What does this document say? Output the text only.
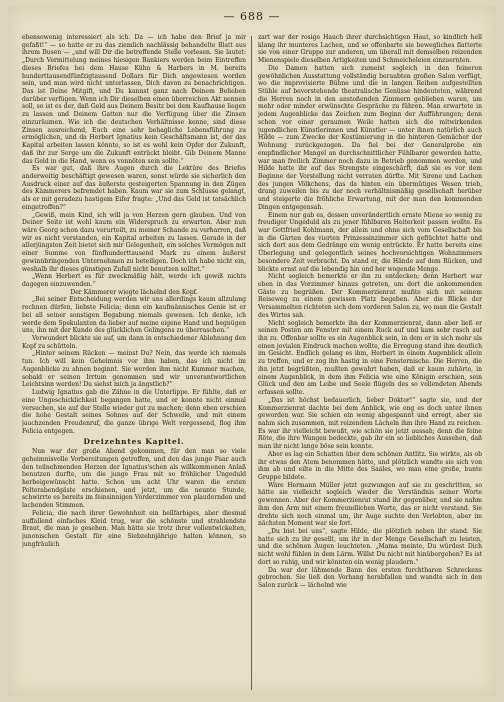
— 688 —

ebensowenig interessiert als ich. Da — ich habe den Brief ja mir gefaßt!“ — so hatte er zu das ziemlich nachlässig behandelte Blatt aus ihrem Busen — „und will Dir die betreffende Stelle vorlesen. Sie lautet: „Durch Vermittelung meines hiesigen Bankiers werden beim Eintreffen dieses Briefes bei dem Hause Kühn & Harbers in M. bereits hunderttausendfünfzigtausend Dollars für Dich angewiesen worden sein, und man wird nicht unterlassen, Dich davon zu benachrichtigen. Das ist Deine Mitgift, und Du kannst ganz nach Deinem Belieben darüber verfügen. Wenn ich Dir dieselben einen überreichen Akt nennen soll, so ist es der, daß Geld aus Deinem Besitz bei dem Kaufhause liegen zu lassen und Deinem Gatten nur die Verfügung über die Zinsen einzuräumen. Wie ich die deutschen Verhältnisse kenne, sind diese Zinsen ausreichend, Euch eine sehr behagliche Lebensführung zu ermöglichen, und da Herbert Ignatius kein Geschäftsmann ist, der das Kapital arbeiten lassen könnte, so ist es wohl kein Opfer der Zukunft, daß ihr zur Sorge um die Zukunft entrückt bleibt. Gib Deinem Manne das Geld in die Hand, wenn es vonnöten sein sollte.“

Es war gut, daß ihre Augen durch die Lektüre des Briefes anderweitig beschäftigt gewesen waren, sonst würde sie sicherlich den Ausdruck einer auf das äußerste gesteigerten Spannung in den Zügen des Kämmerers befremdet haben. Kaum war sie zum Schlusse gelangt, als er mit geradezu hastigem Eifer fragte: „Und das Geld ist tatsächlich eingetroffen?“

„Gewiß, mein Kind, ich will ja von Herzen gern glauben. Und von Deiner Seite ist wohl kaum ein Widerspruch zu erwarten. Aber nun wäre Georg schon dazu verurteilt, zu meiner Schande zu verharren, daß wir es nicht verstanden, ein Kapital arbeiten zu lassen. Gerade in der allerjüngsten Zeit bietet sich mir Gelegenheit, ein solches Vermögen mit einer Summe von fünfhunderttausend Mark zu einem äußerst gewinnbringenden Unternehmen zu beteiligen. Doch ich habe nicht ein, weshalb ihr dieses günstigen Zufall nicht benutzen solltet.“

„Wenn Herbert es für zweckmäßig hält, werde ich gewiß nichts dagegen einzuwenden.“

Der Kämmerer wiegte lächelnd den Kopf.

„Bei seiner Entscheidung werden wir uns allerdings kaum allzulang rechnen dürfen, liebste Felicia; denn ein kaufmännisches Genie ist er bei all seiner sonstigen Begabung niemals gewesen. Ich denke, ich werde dem Spekulanten da lieber auf meine eigene Hand und begnügen uns, ihn mit der Kunde des glücklichen Gelingens zu überraschen.“

Verwundert blickte sie auf, um dann in entschiedener Ablehnung den Kopf zu schütteln.

„Hinter seinem Rücken — meinst Du? Nein, das werde ich niemals tun. Ich will kein Geheimnis vor ihm haben, das ich nicht im Augenblicke zu ahnen beginnt. Sie werden ihm nicht Kummer machen, sobald er seinen Irrtum genommen und wir unverantwortlichen Leichtsinn werden! Du siehst mich ja ängstlich?“

Ludwig Ignatius gab die Zähne in die Unterlippe. Er fühlte, daß er eine Ungeschicklichkeit begangen hatte, und er konnte nicht einmal versuchen, sie auf der Stelle wieder gut zu machen; denn eben erschien die hohe Gestalt seines Sohnes auf der Schwelle, und mit einem jauchzenden Freudenruf, die ganze übrige Welt vergessend, flog ihm Felicia entgegen.

Dreizehntes Kapitel.

Nun war der große Abend gekommen, für den man so viele geheimnisvolle Vorbereitungen getroffen, und den das junge Paar auch den teilnehmenden Herzen der Ignatius'schen als willkommenen Anlaß benutzen durfte, um die junge Frau mit so fröhlicher Ungeduld herbeigewünscht hatte. Schon um acht Uhr waren die ersten Polterabendgäste erschienen, und jetzt, um die neunte Stunde, schwirrte es bereits im feinsinnigen Vorderzimmer von plaudernden und lachenden Stimmen.

Felicia, die nach ihrer Gewohnheit ein hellfarbiges, aber diesmal auffallend einfaches Kleid trug, war die schönste und strahlendste Braut, die man je gesehen. Man hätte sie trotz ihrer vollentwickelten, junonischen Gestalt für eine Siebzehnjährige halten können, so jungfräulich

zart war der rosige Hauch ihrer durchsichtigen Haut, so kindlich hell klang ihr munteres Lachen, und so offenbarte sie bewegliches flatterte sie von einer Gruppe zur anderen, um überall mit demselben reizenden Mienenspiele dieselben Artigkeiten und Schmeicheleien einzuernten.

Die Damen hatten sich zumeist sogleich in den feineren gewöhnlichen Ausstattung vollständig beraubten großen Salon verfügt, wo die improvisierte Bühne und die in langen Reihen aufgestellten Stühle auf bevorstehende theatralische Genüsse hindeuteten, während die Herren noch in den anstoßenden Zimmern geblieben waren, um mehr oder minder erwünschte Gespräche zu führen. Man erwartete in jedem Augenblicke das Zeichen zum Beginn der Aufführungen; denn schon vor einer geraumen Weile hatten sich die mitwirkenden jugendlichen Künstlerinnen und Künstler — unter ihnen natürlich auch Hilde — zum Zwecke der Kostümierung in die hinteren Gemächer der Wohnung zurückgezogen. Da fiel bei der Generalprobe ein empfindlicher Mangel an durchschnittlicher Fühlbarer geworden hatte, war man freilich Zimmer noch dazu in Betrieb genommen werden, und Hilde hatte ihr auf das Strengste eingeschärft, daß sie es vor dem Beginne der Vorstellung nicht verraten dürfte. Mit Sirene und Lachen des jungen Völkchens, das da hinten ein übermütiges Wesen trieb, drang zuweilen bis zu der noch verhältnismäßig gesellschaft herüber und steigerte die fröhliche Erwartung, mit der man den kommenden Dingen entgegensah.

Einem nur gab es, dessen unverändertlich ernste Miene so wenig zu freudiger Ungeduld als zu jener fühlbaren Heiterkeit passen wollte. Es war Gottfried Kohlmann, der allein und ohne sich vom Gesellschaft bis in die Gärten des vierten Prinzessinzimmer sich geflüchtet hatte und sich dort aus dem Gedränge ein wenig entrückte. Er hatte bereits eine Überlegung und gelegentlich seines hochvorsichtigen Wohnzimmers besondere Zeit verbracht. Da stand er, die Hände auf dem Rücken, und blickte ernst auf die lebendig hin und her wogende Menge.

Nicht sogleich bemerkte er ihn zu entdecken; denn Herbert war eben in das Vorzimmer hinaus getreten, um dort die ankommenden Gäste zu begrüßen. Der Kommerzienrat mußte sich mit seinem Reiseweg zu einem gewissen Platz begeben. Aber die Blicke der Versammelten richteten sich dem vorderen Salon zu, wo man die Gestalt des Wirtes sah.

Nicht sogleich bemerkte ihn der Kommerzienrat, dann aber ließ er seinen Posten am Fenster mit einem Ruck auf und kam sehr rasch auf ihn zu. Offenbar sollte es ein Augenblick sein, in dem er in sich mehr als einen jovialen Eindruck machen wollte, die Erregung stand ihm deutlich im Gesicht. Endlich gelang es ihm, Herbert in einem Augenblick allein zu treffen, und er zog ihn hastig in eine Fensternische. Die Herren, die ihn jetzt begrüßten, mußten gewahrt haben, daß er kaum zuhörte, in einem Augenblick, in dem ihm Felicia wie eine Königin erschien, sein Glück und den am Leibe und Seele flügeln des so vollendeten Abends erfassen sollte.

„Das ist höchst bedauerlich, lieber Doktor!“ sagte sie, und der Kommerzienrat dachte bei dem Anblick, wie eng es doch unter ihnen geworden war. Sie schien ein wenig abgespannt und erregt, aber sie nahm sich zusammen, mit reizendem Lächeln ihm ihre Hand zu reichen. Es war ihr vielleicht bewußt, wie schön sie jetzt aussah; denn die feine Röte, die ihre Wangen bedeckte, gab ihr ein so liebliches Aussehen, daß man ihr nicht lange böse sein konnte.

Aber es lag ein Schatten über dem schönen Antlitz. Sie wirkte, als ob ihr etwas den Atem benommen hätte, und plötzlich wandte sie sich von ihm ab und eilte in die Mitte des Saales, wo man eine große, bunte Gruppe bildete.

Wäre Hermann Müller jetzt gezwungen auf sie zu geschritten, so hätte sie vielleicht sogleich wieder die Verständnis seiner Worte gewonnen. Aber der Kommerzienrat stand ihr gegenüber, und sie nahm ihm den Arm mit einem freundlichen Worte, das er nicht verstand. Sie drehte sich noch einmal um, ihr Auge suchte den Verlobten, aber im nächsten Moment war sie fort.

„Du bist bei uns“, sagte Hilde, die plötzlich neben ihr stand. Sie hatte sich zu ihr gesellt, um ihr in der Menge Gesellschaft zu leisten, und die schönen Augen leuchteten. „Mama meinte, Du würdest Dich nicht wohl fühlen in dem Lärm. Willst Du nicht mit hinübergehen? Es ist dort so ruhig, und wir könnten ein wenig plaudern.“

Da war der lähmende Bann des ersten furchtbaren Schreckens gebrochen. Sie ließ den Vorhang herabfallen und wandte sich in den Salon zurück — lächelnd wie
